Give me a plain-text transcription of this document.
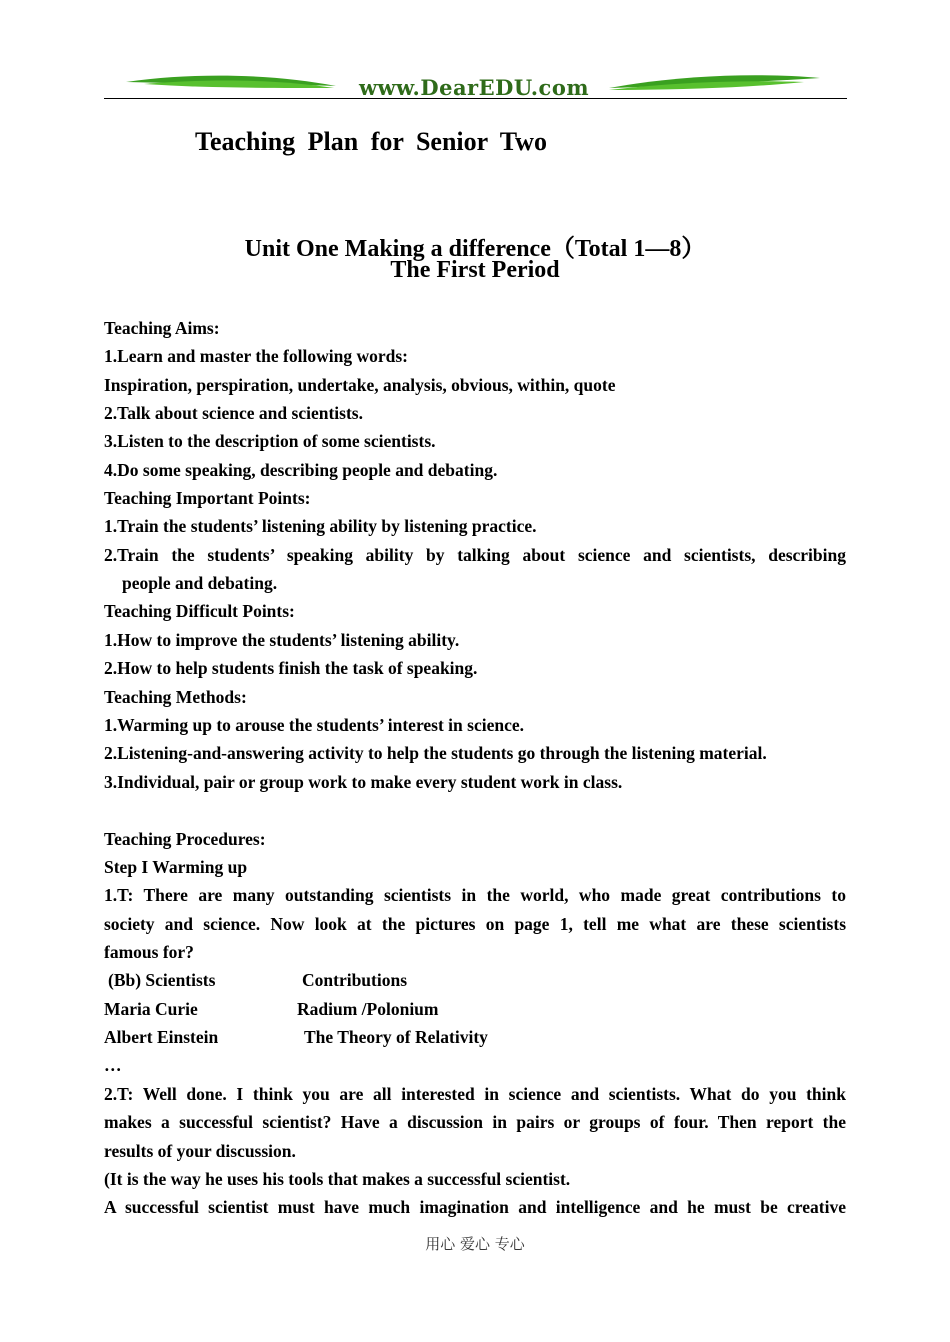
www.DearEDU.com
Teaching Plan for Senior Two
Unit One Making a difference（Total 1—8）
The First Period
Teaching Aims:
1.Learn and master the following words:
Inspiration, perspiration, undertake, analysis, obvious, within, quote
2.Talk about science and scientists.
3.Listen to the description of some scientists.
4.Do some speaking, describing people and debating.
Teaching Important Points:
1.Train the students’ listening ability by listening practice.
2.Train the students’ speaking ability by talking about science and scientists, describing
people and debating.
Teaching Difficult Points:
1.How to improve the students’ listening ability.
2.How to help students finish the task of speaking.
Teaching Methods:
1.Warming up to arouse the students’ interest in science.
2.Listening-and-answering activity to help the students go through the listening material.
3.Individual, pair or group work to make every student work in class.
Teaching Procedures:
Step I Warming up
1.T: There are many outstanding scientists in the world, who made great contributions to
society and science. Now look at the pictures on page 1, tell me what are these scientists
famous for?
(Bb) Scientists	Contributions
Maria Curie	Radium /Polonium
Albert Einstein	The Theory of Relativity
…
2.T: Well done. I think you are all interested in science and scientists. What do you think
makes a successful scientist? Have a discussion in pairs or groups of four. Then report the
results of your discussion.
(It is the way he uses his tools that makes a successful scientist.
A successful scientist must have much imagination and intelligence and he must be creative
用心 爱心 专心
